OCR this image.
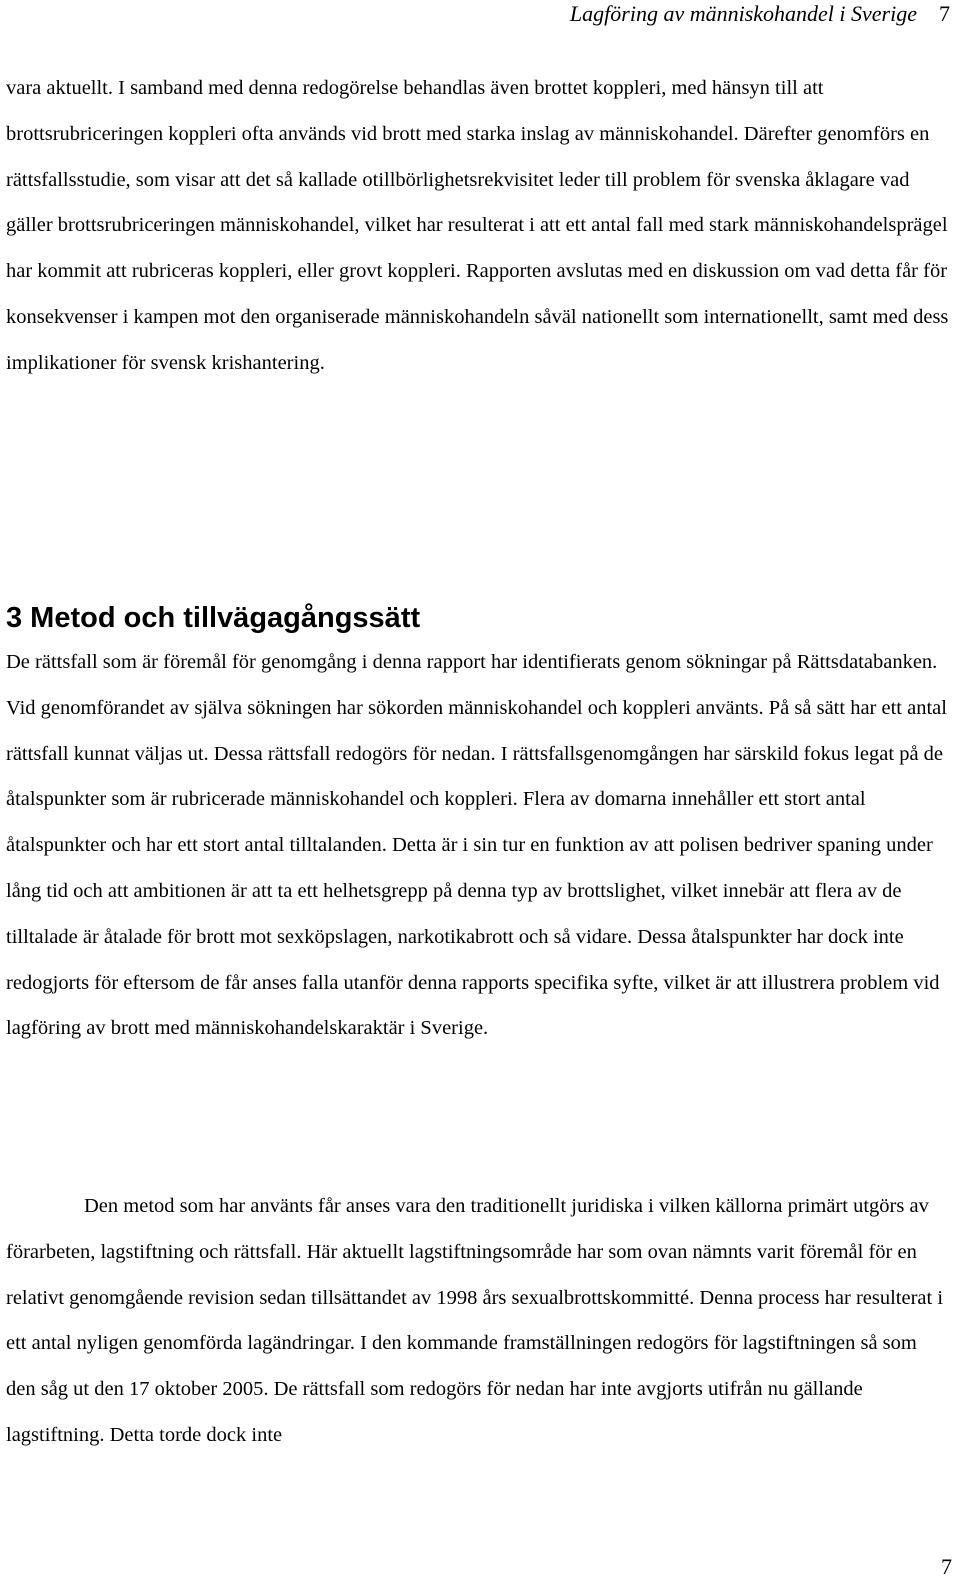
Lagföring av människohandel i Sverige 7

vara aktuellt. I samband med denna redogörelse behandlas även brottet koppleri, med hänsyn till att brottsrubriceringen koppleri ofta används vid brott med starka inslag av människohandel. Därefter genomförs en rättsfallsstudie, som visar att det så kallade otillbörlighetsrekvisitet leder till problem för svenska åklagare vad gäller brottsrubriceringen människohandel, vilket har resulterat i att ett antal fall med stark människohandelsprägel har kommit att rubriceras koppleri, eller grovt koppleri. Rapporten avslutas med en diskussion om vad detta får för konsekvenser i kampen mot den organiserade människohandeln såväl nationellt som internationellt, samt med dess implikationer för svensk krishantering.

3 Metod och tillvägagångssätt

De rättsfall som är föremål för genomgång i denna rapport har identifierats genom sökningar på Rättsdatabanken. Vid genomförandet av själva sökningen har sökorden människohandel och koppleri använts. På så sätt har ett antal rättsfall kunnat väljas ut. Dessa rättsfall redogörs för nedan. I rättsfallsgenomgången har särskild fokus legat på de åtalspunkter som är rubricerade människohandel och koppleri. Flera av domarna innehåller ett stort antal åtalspunkter och har ett stort antal tilltalanden. Detta är i sin tur en funktion av att polisen bedriver spaning under lång tid och att ambitionen är att ta ett helhetsgrepp på denna typ av brottslighet, vilket innebär att flera av de tilltalade är åtalade för brott mot sexköpslagen, narkotikabrott och så vidare. Dessa åtalspunkter har dock inte redogjorts för eftersom de får anses falla utanför denna rapports specifika syfte, vilket är att illustrera problem vid lagföring av brott med människohandelskaraktär i Sverige.

Den metod som har använts får anses vara den traditionellt juridiska i vilken källorna primärt utgörs av förarbeten, lagstiftning och rättsfall. Här aktuellt lagstiftningsområde har som ovan nämnts varit föremål för en relativt genomgående revision sedan tillsättandet av 1998 års sexualbrottskommitté. Denna process har resulterat i ett antal nyligen genomförda lagändringar. I den kommande framställningen redogörs för lagstiftningen så som den såg ut den 17 oktober 2005. De rättsfall som redogörs för nedan har inte avgjorts utifrån nu gällande lagstiftning. Detta torde dock inte

7
